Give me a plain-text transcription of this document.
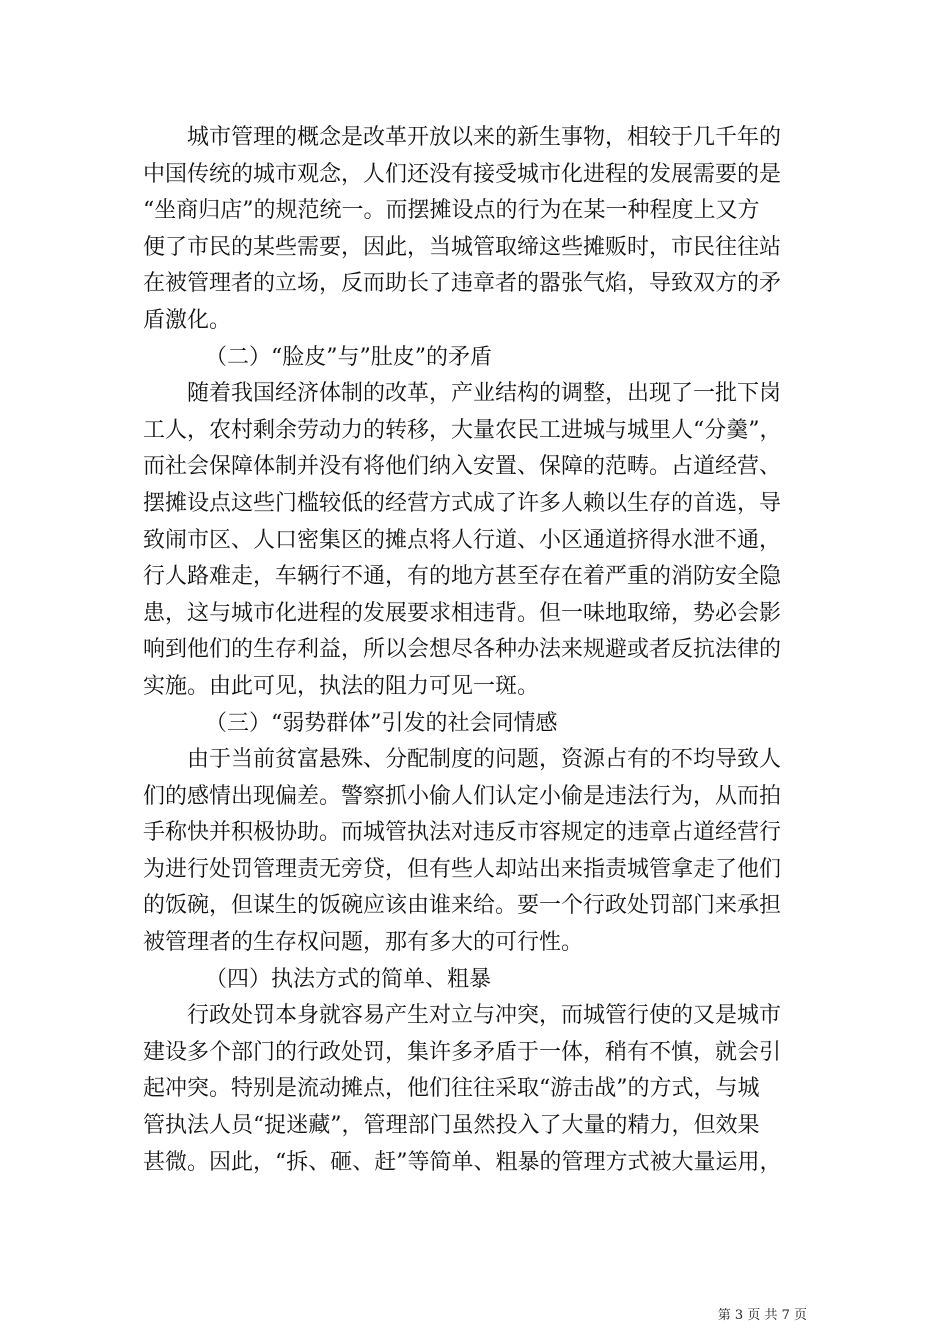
城市管理的概念是改革开放以来的新生事物，相较于几千年的
中国传统的城市观念，人们还没有接受城市化进程的发展需要的是
“坐商归店”的规范统一。而摆摊设点的行为在某一种程度上又方
便了市民的某些需要，因此，当城管取缔这些摊贩时，市民往往站
在被管理者的立场，反而助长了违章者的嚣张气焰，导致双方的矛
盾激化。
（二）“脸皮”与”肚皮”的矛盾
随着我国经济体制的改革，产业结构的调整，出现了一批下岗
工人，农村剩余劳动力的转移，大量农民工进城与城里人“分羹”，
而社会保障体制并没有将他们纳入安置、保障的范畴。占道经营、
摆摊设点这些门槛较低的经营方式成了许多人赖以生存的首选，导
致闹市区、人口密集区的摊点将人行道、小区通道挤得水泄不通，
行人路难走，车辆行不通，有的地方甚至存在着严重的消防安全隐
患，这与城市化进程的发展要求相违背。但一味地取缔，势必会影
响到他们的生存利益，所以会想尽各种办法来规避或者反抗法律的
实施。由此可见，执法的阻力可见一斑。
（三）“弱势群体”引发的社会同情感
由于当前贫富悬殊、分配制度的问题，资源占有的不均导致人
们的感情出现偏差。警察抓小偷人们认定小偷是违法行为，从而拍
手称快并积极协助。而城管执法对违反市容规定的违章占道经营行
为进行处罚管理责无旁贷，但有些人却站出来指责城管拿走了他们
的饭碗，但谋生的饭碗应该由谁来给。要一个行政处罚部门来承担
被管理者的生存权问题，那有多大的可行性。
（四）执法方式的简单、粗暴
行政处罚本身就容易产生对立与冲突，而城管行使的又是城市
建设多个部门的行政处罚，集许多矛盾于一体，稍有不慎，就会引
起冲突。特别是流动摊点，他们往往采取“游击战”的方式，与城
管执法人员“捉迷藏”，管理部门虽然投入了大量的精力，但效果
甚微。因此，“拆、砸、赶”等简单、粗暴的管理方式被大量运用，
第 3 页 共 7 页
